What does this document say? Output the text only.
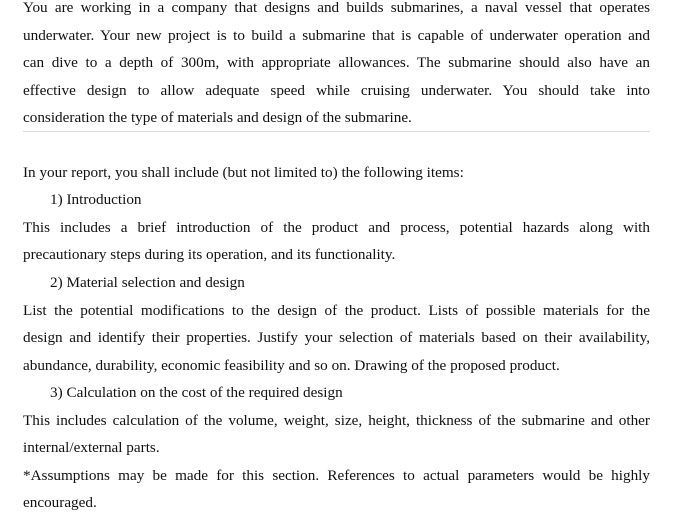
You are working in a company that designs and builds submarines, a naval vessel that operates
underwater. Your new project is to build a submarine that is capable of underwater operation and
can dive to a depth of 300m, with appropriate allowances. The submarine should also have an
effective design to allow adequate speed while cruising underwater. You should take into
consideration the type of materials and design of the submarine.
In your report, you shall include (but not limited to) the following items:
1) Introduction
This includes a brief introduction of the product and process, potential hazards along with
precautionary steps during its operation, and its functionality.
2) Material selection and design
List the potential modifications to the design of the product. Lists of possible materials for the
design and identify their properties. Justify your selection of materials based on their availability,
abundance, durability, economic feasibility and so on. Drawing of the proposed product.
3) Calculation on the cost of the required design
This includes calculation of the volume, weight, size, height, thickness of the submarine and other
internal/external parts.
*Assumptions may be made for this section. References to actual parameters would be highly
encouraged.
